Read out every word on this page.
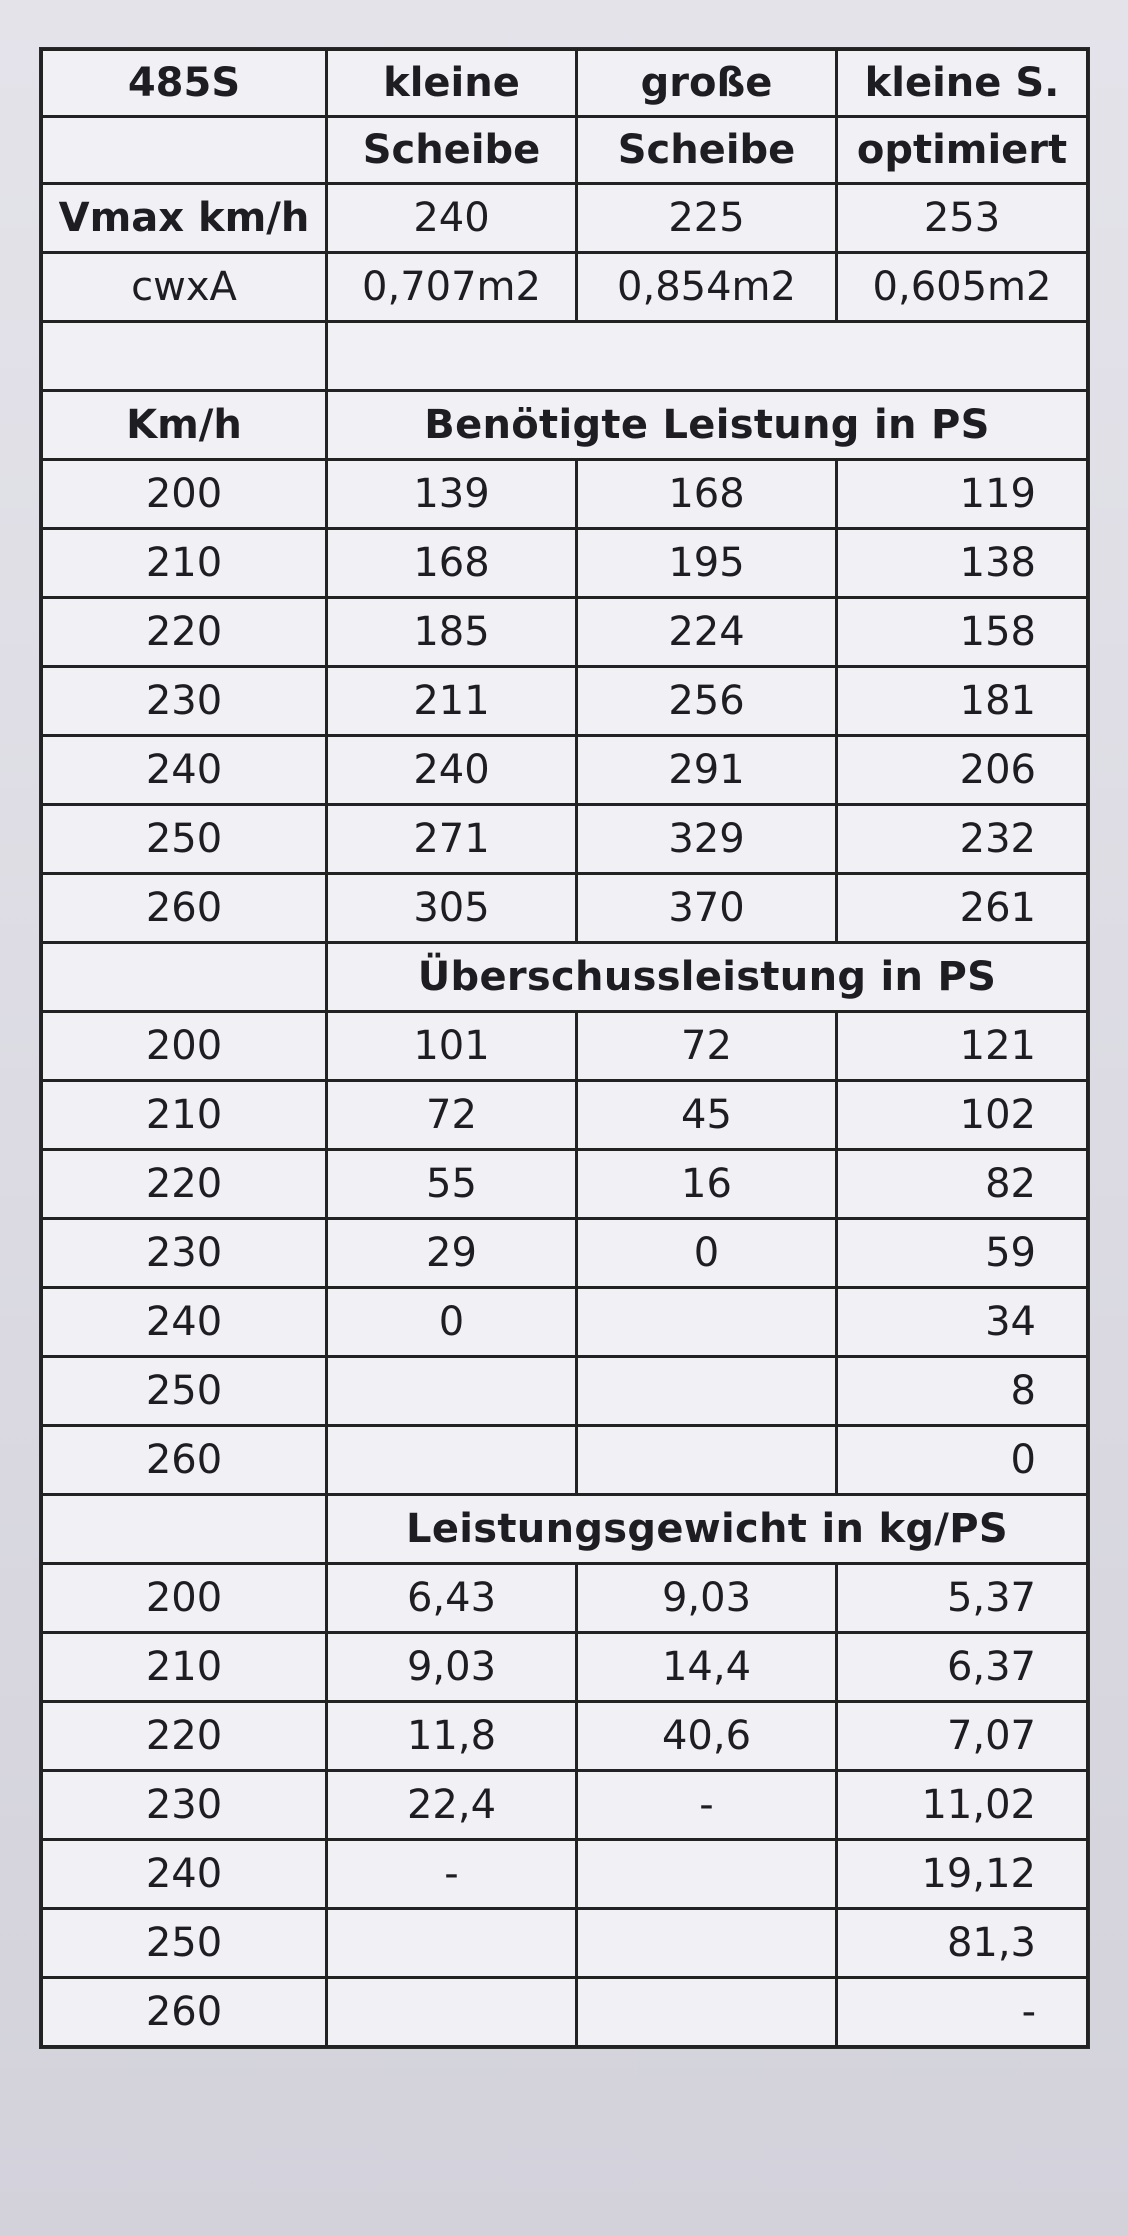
485S	kleine	große	kleine S.
	Scheibe	Scheibe	optimiert
Vmax km/h	240	225	253
cwxA	0,707m2	0,854m2	0,605m2

Km/h	Benötigte Leistung in PS		
200	139	168	119
210	168	195	138
220	185	224	158
230	211	256	181
240	240	291	206
250	271	329	232
260	305	370	261
	Überschussleistung in PS		
200	101	72	121
210	72	45	102
220	55	16	82
230	29	0	59
240	0		34
250			8
260			0
	Leistungsgewicht in kg/PS		
200	6,43	9,03	5,37
210	9,03	14,4	6,37
220	11,8	40,6	7,07
230	22,4	-	11,02
240	-		19,12
250			81,3
260			-
